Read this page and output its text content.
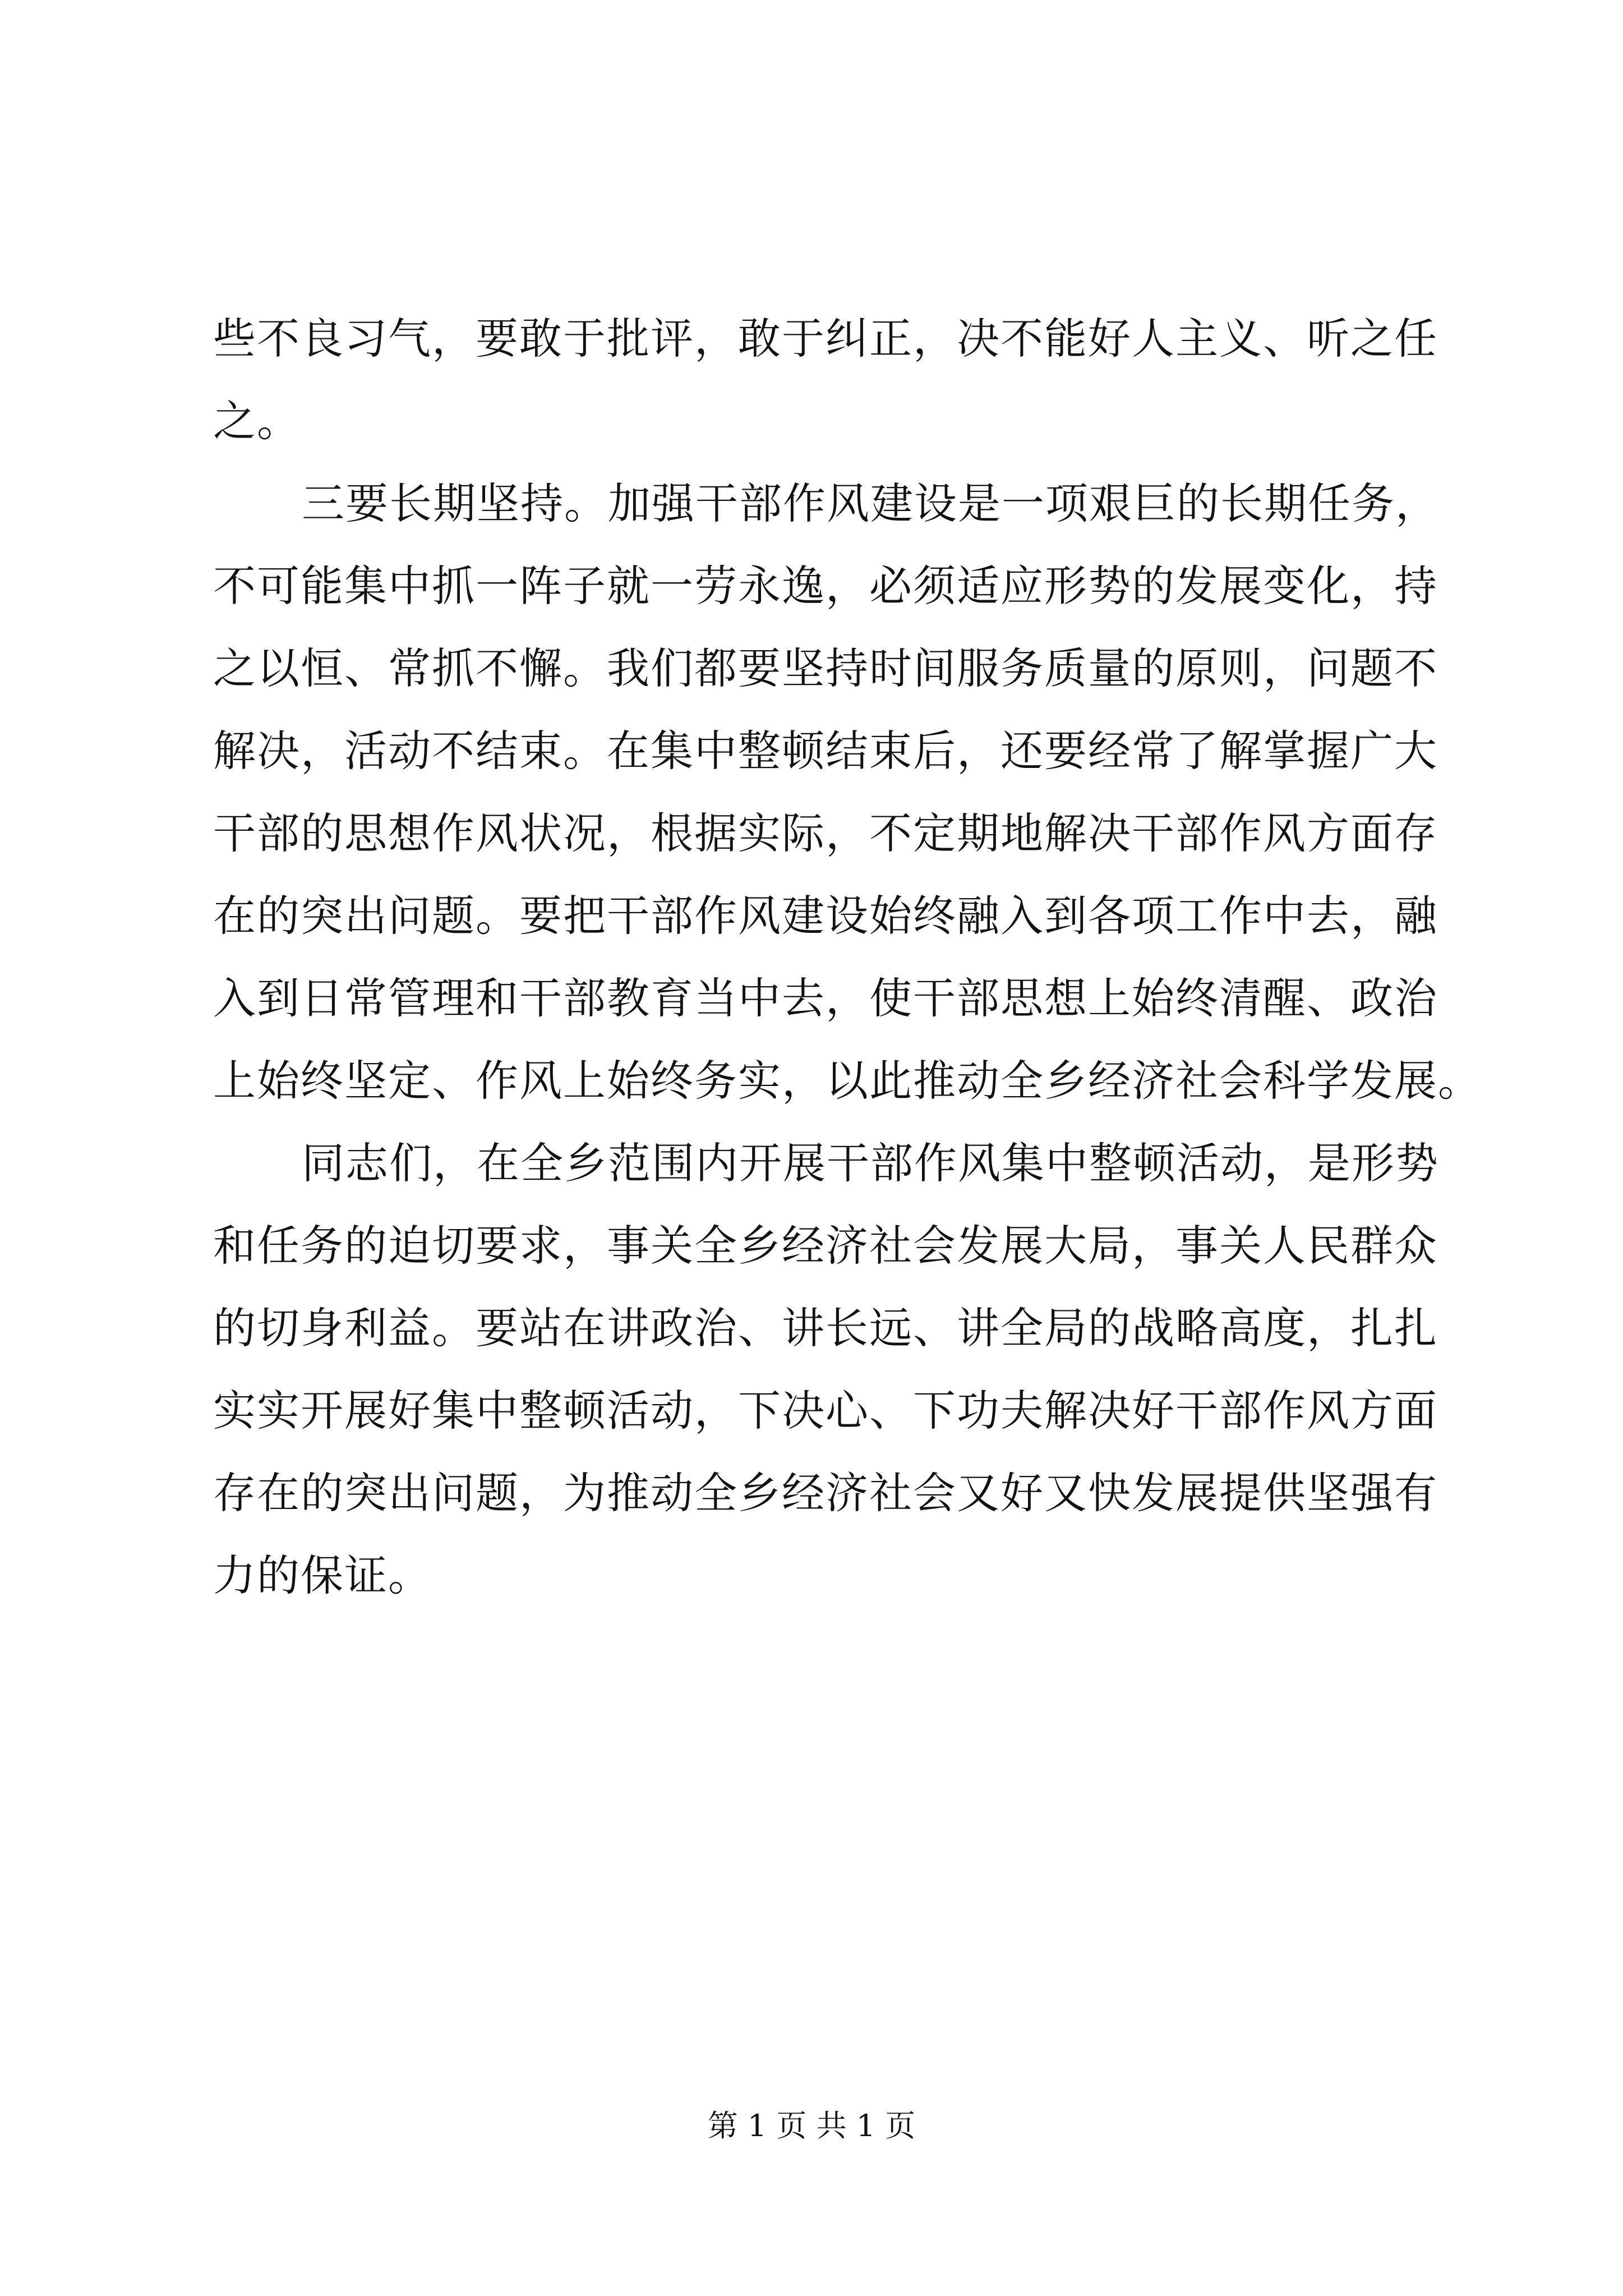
些不良习气，要敢于批评，敢于纠正，决不能好人主义、听之任
之。
三要长期坚持。加强干部作风建设是一项艰巨的长期任务，
不可能集中抓一阵子就一劳永逸，必须适应形势的发展变化，持
之以恒、常抓不懈。我们都要坚持时间服务质量的原则，问题不
解决，活动不结束。在集中整顿结束后，还要经常了解掌握广大
干部的思想作风状况，根据实际，不定期地解决干部作风方面存
在的突出问题。要把干部作风建设始终融入到各项工作中去，融
入到日常管理和干部教育当中去，使干部思想上始终清醒、政治
上始终坚定、作风上始终务实，以此推动全乡经济社会科学发展。
同志们，在全乡范围内开展干部作风集中整顿活动，是形势
和任务的迫切要求，事关全乡经济社会发展大局，事关人民群众
的切身利益。要站在讲政治、讲长远、讲全局的战略高度，扎扎
实实开展好集中整顿活动，下决心、下功夫解决好干部作风方面
存在的突出问题，为推动全乡经济社会又好又快发展提供坚强有
力的保证。
第 1 页 共 1 页
